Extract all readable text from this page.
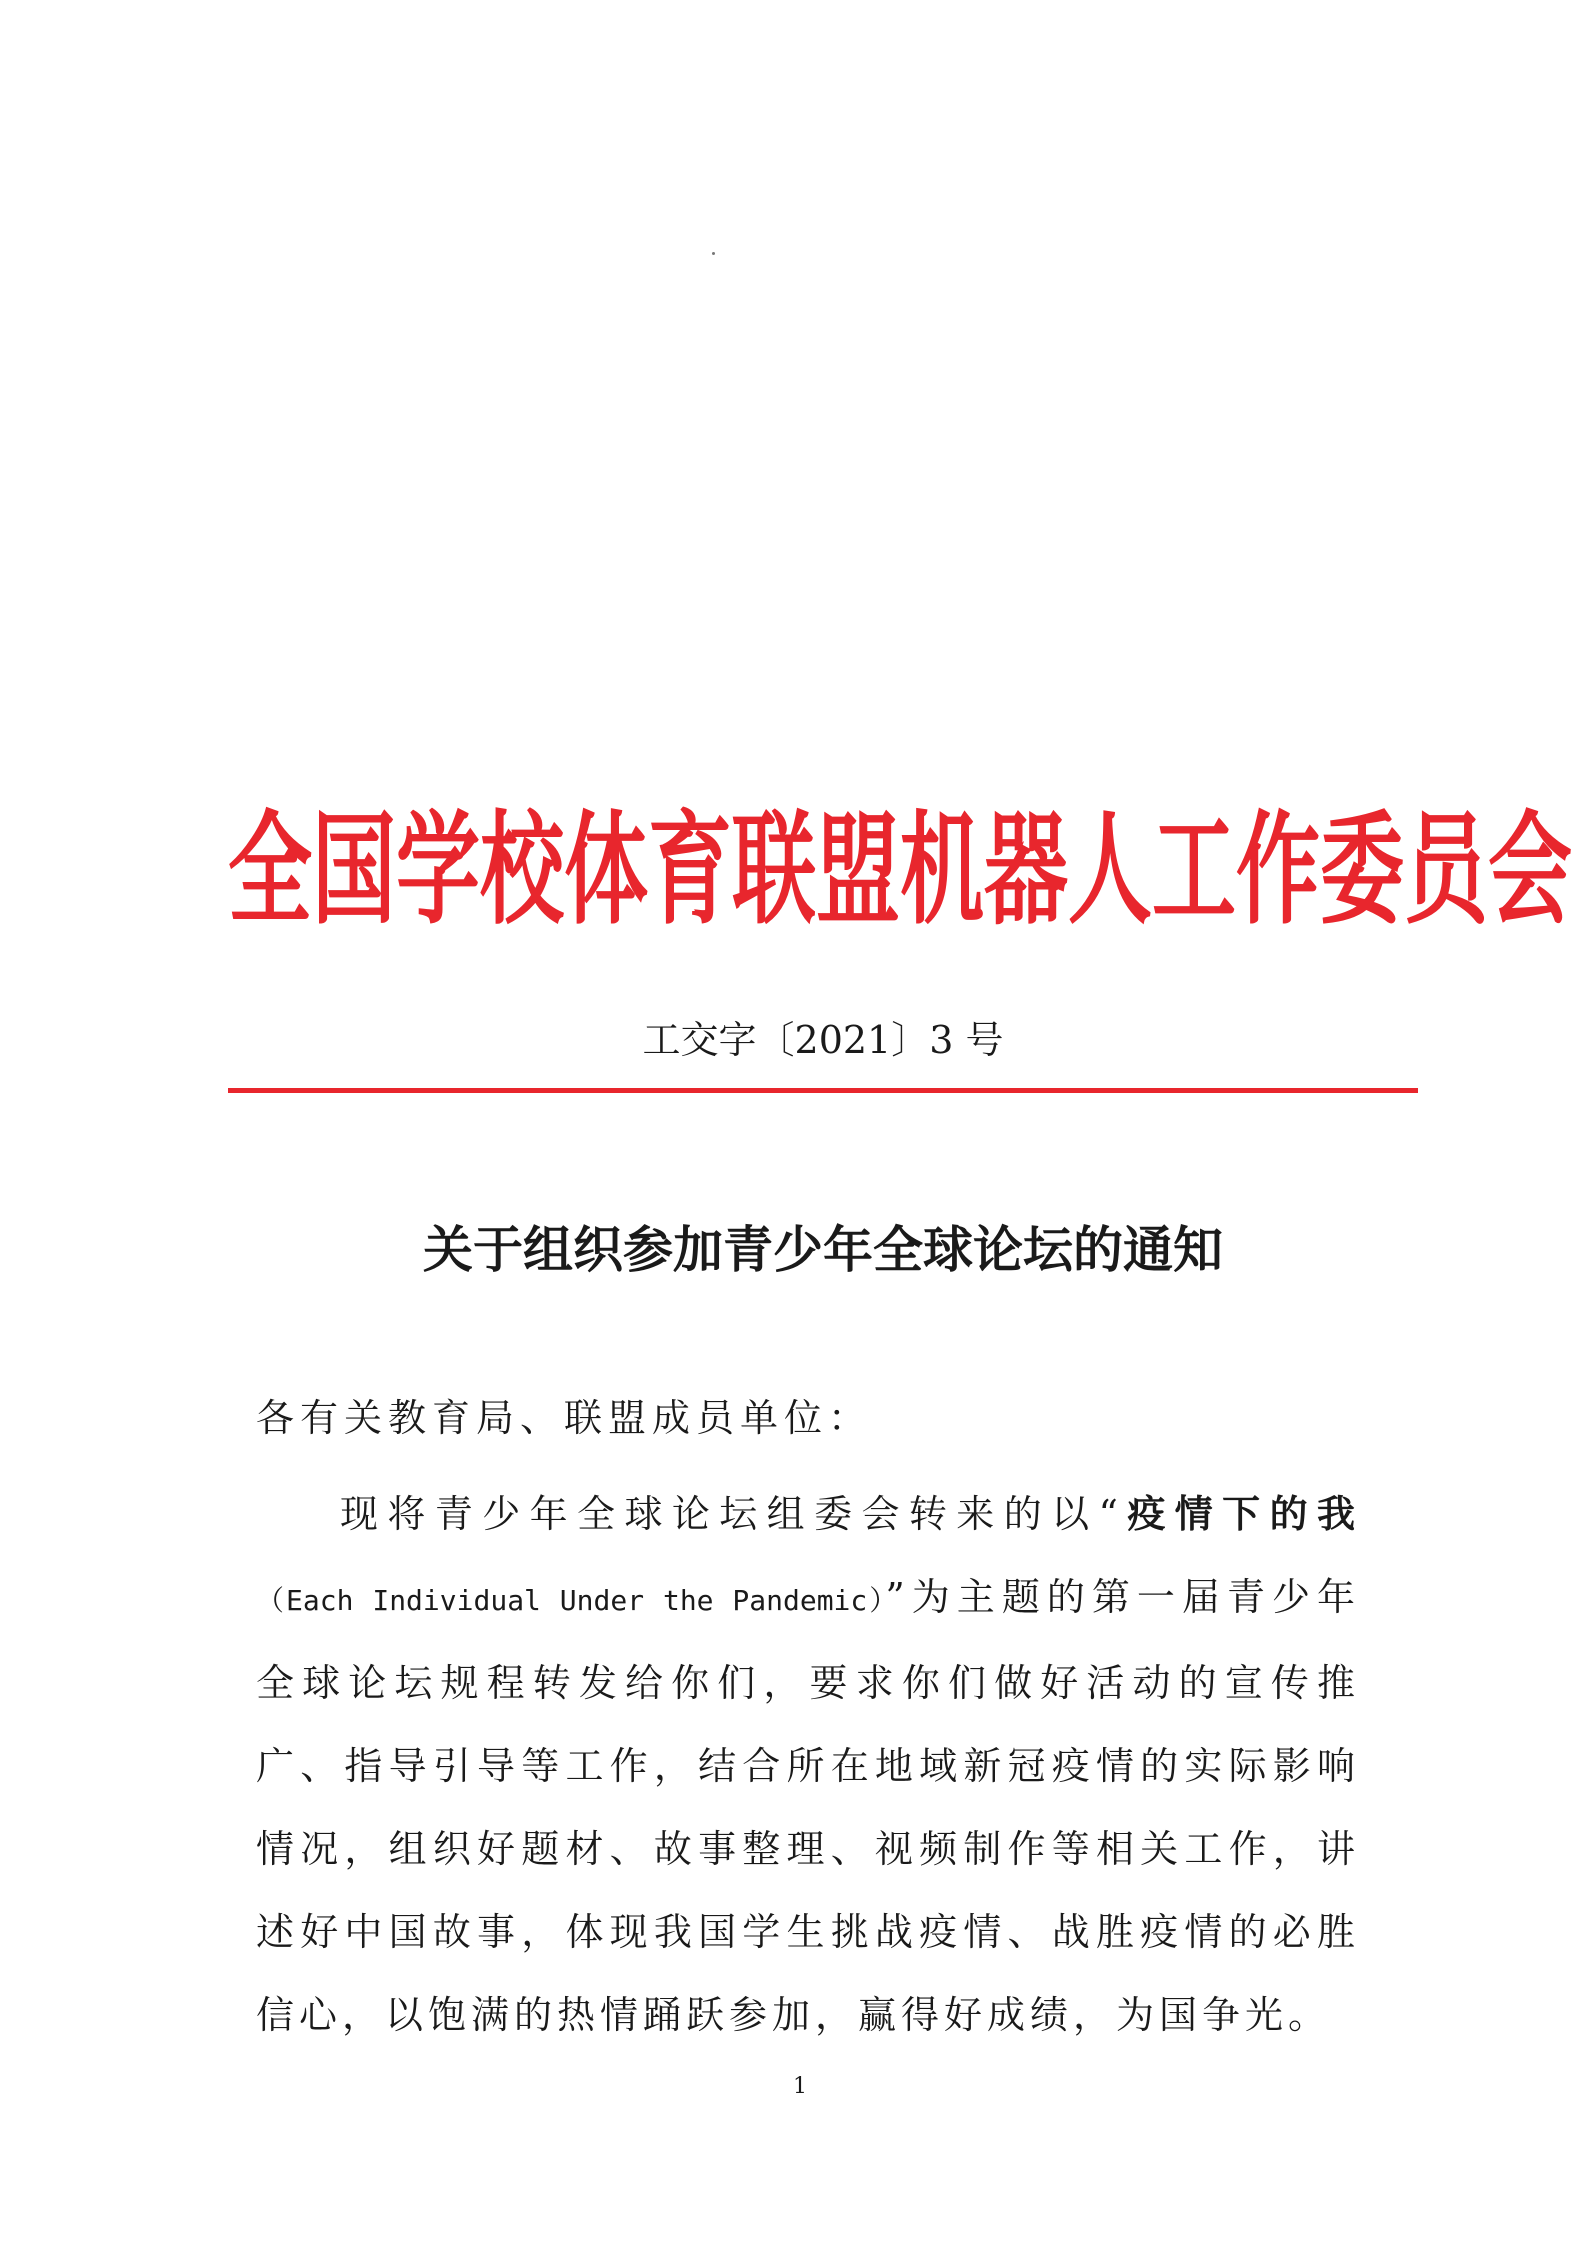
全国学校体育联盟机器人工作委员会
工交字〔2021〕3 号
关于组织参加青少年全球论坛的通知

各有关教育局、联盟成员单位：

现将青少年全球论坛组委会转来的以“疫情下的我（Each Individual Under the Pandemic）”为主题的第一届青少年全球论坛规程转发给你们，要求你们做好活动的宣传推广、指导引导等工作，结合所在地域新冠疫情的实际影响情况，组织好题材、故事整理、视频制作等相关工作，讲述好中国故事，体现我国学生挑战疫情、战胜疫情的必胜信心，以饱满的热情踊跃参加，赢得好成绩，为国争光。

1
